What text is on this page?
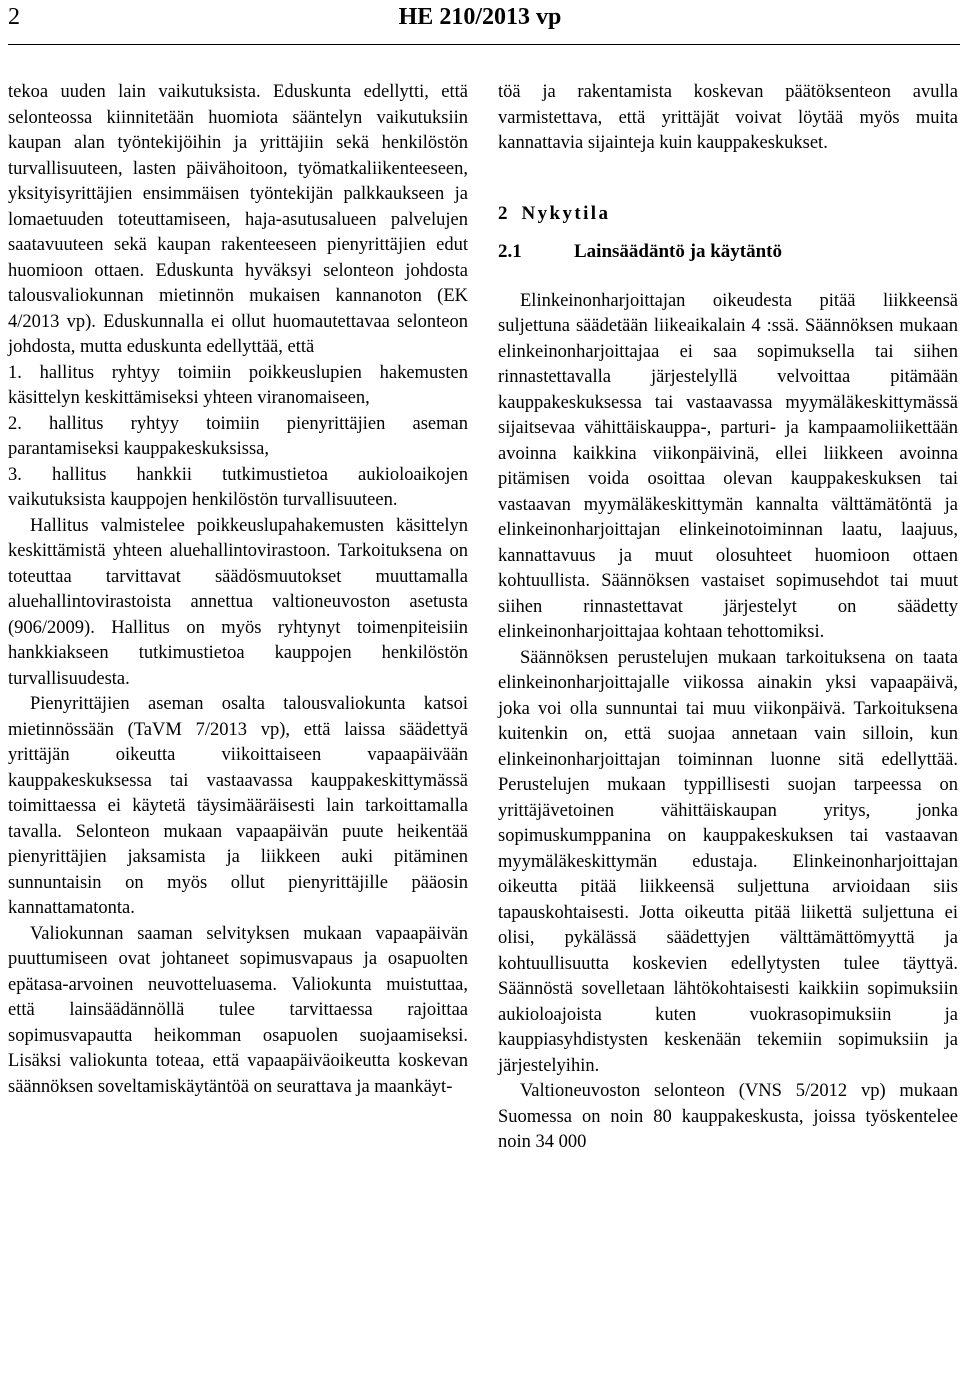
2	HE 210/2013 vp

tekoa uuden lain vaikutuksista. Eduskunta edellytti, että selonteossa kiinnitetään huomiota sääntelyn vaikutuksiin kaupan alan työntekijöihin ja yrittäjiin sekä henkilöstön turvallisuuteen, lasten päivähoitoon, työmatkaliikenteeseen, yksityisyrittäjien ensimmäisen työntekijän palkkaukseen ja lomaetuuden toteuttamiseen, haja-asutusalueen palvelujen saatavuuteen sekä kaupan rakenteeseen pienyrittäjien edut huomioon ottaen. Eduskunta hyväksyi selonteon johdosta talousvaliokunnan mietinnön mukaisen kannanoton (EK 4/2013 vp). Eduskunnalla ei ollut huomautettavaa selonteon johdosta, mutta eduskunta edellyttää, että

1. hallitus ryhtyy toimiin poikkeuslupien hakemusten käsittelyn keskittämiseksi yhteen viranomaiseen,

2. hallitus ryhtyy toimiin pienyrittäjien aseman parantamiseksi kauppakeskuksissa,

3. hallitus hankkii tutkimustietoa aukioloaikojen vaikutuksista kauppojen henkilöstön turvallisuuteen.

Hallitus valmistelee poikkeuslupahakemusten käsittelyn keskittämistä yhteen aluehallintovirastoon. Tarkoituksena on toteuttaa tarvittavat säädösmuutokset muuttamalla aluehallintovirastoista annettua valtioneuvoston asetusta (906/2009). Hallitus on myös ryhtynyt toimenpiteisiin hankkiakseen tutkimustietoa kauppojen henkilöstön turvallisuudesta.

Pienyrittäjien aseman osalta talousvaliokunta katsoi mietinnössään (TaVM 7/2013 vp), että laissa säädettyä yrittäjän oikeutta viikoittaiseen vapaapäivään kauppakeskuksessa tai vastaavassa kauppakeskittymässä toimittaessa ei käytetä täysimääräisesti lain tarkoittamalla tavalla. Selonteon mukaan vapaapäivän puute heikentää pienyrittäjien jaksamista ja liikkeen auki pitäminen sunnuntaisin on myös ollut pienyrittäjille pääosin kannattamatonta.

Valiokunnan saaman selvityksen mukaan vapaapäivän puuttumiseen ovat johtaneet sopimusvapaus ja osapuolten epätasa-arvoinen neuvotteluasema. Valiokunta muistuttaa, että lainsäädännöllä tulee tarvittaessa rajoittaa sopimusvapautta heikomman osapuolen suojaamiseksi. Lisäksi valiokunta toteaa, että vapaapäiväoikeutta koskevan säännöksen soveltamiskäytäntöä on seurattava ja maankäyt-

töä ja rakentamista koskevan päätöksenteon avulla varmistettava, että yrittäjät voivat löytää myös muita kannattavia sijainteja kuin kauppakeskukset.

2 Nykytila
2.1	Lainsäädäntö ja käytäntö

Elinkeinonharjoittajan oikeudesta pitää liikkeensä suljettuna säädetään liikeaikalain 4 :ssä. Säännöksen mukaan elinkeinonharjoittajaa ei saa sopimuksella tai siihen rinnastettavalla järjestelyllä velvoittaa pitämään kauppakeskuksessa tai vastaavassa myymäläkeskittymässä sijaitsevaa vähittäiskauppa-, parturi- ja kampaamoliikettään avoinna kaikkina viikonpäivinä, ellei liikkeen avoinna pitämisen voida osoittaa olevan kauppakeskuksen tai vastaavan myymäläkeskittymän kannalta välttämätöntä ja elinkeinonharjoittajan elinkeinotoiminnan laatu, laajuus, kannattavuus ja muut olosuhteet huomioon ottaen kohtuullista. Säännöksen vastaiset sopimusehdot tai muut siihen rinnastettavat järjestelyt on säädetty elinkeinonharjoittajaa kohtaan tehottomiksi.

Säännöksen perustelujen mukaan tarkoituksena on taata elinkeinonharjoittajalle viikossa ainakin yksi vapaapäivä, joka voi olla sunnuntai tai muu viikonpäivä. Tarkoituksena kuitenkin on, että suojaa annetaan vain silloin, kun elinkeinonharjoittajan toiminnan luonne sitä edellyttää. Perustelujen mukaan typpillisesti suojan tarpeessa on yrittäjävetoinen vähittäiskaupan yritys, jonka sopimuskumppanina on kauppakeskuksen tai vastaavan myymäläkeskittymän edustaja. Elinkeinonharjoittajan oikeutta pitää liikkeensä suljettuna arvioidaan siis tapauskohtaisesti. Jotta oikeutta pitää liikettä suljettuna ei olisi, pykälässä säädettyjen välttämättömyyttä ja kohtuullisuutta koskevien edellytysten tulee täyttyä. Säännöstä sovelletaan lähtökohtaisesti kaikkiin sopimuksiin aukioloajoista kuten vuokrasopimuksiin ja kauppiasyhdistysten keskenään tekemiin sopimuksiin ja järjestelyihin.

Valtioneuvoston selonteon (VNS 5/2012 vp) mukaan Suomessa on noin 80 kauppakeskusta, joissa työskentelee noin 34 000
